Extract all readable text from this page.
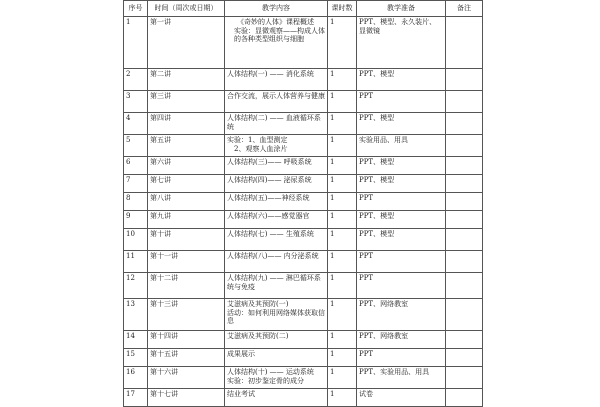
序号	时间（周次或日期）	教学内容	课时数	教学准备	备注
1	第一讲	《奇妙的人体》课程概述
实验：显微观察——构成人体的各种类型组织与细胞	1	PPT、模型、永久装片、显微镜	
2	第二讲	人体结构(一) —— 消化系统	1	PPT、模型	
3	第三讲	合作交流，展示人体营养与健康	1	PPT	
4	第四讲	人体结构(二) —— 血液循环系统	1	PPT、模型	
5	第五讲	实验：1、血型测定
2、观察人血涂片	1	实验用品、用具	
6	第六讲	人体结构(三)—— 呼吸系统	1	PPT、模型	
7	第七讲	人体结构(四)—— 泌尿系统	1	PPT、模型	
8	第八讲	人体结构(五)——神经系统	1	PPT	
9	第九讲	人体结构(六)——感觉器官	1	PPT、模型	
10	第十讲	人体结构(七) —— 生殖系统	1	PPT、模型	
11	第十一讲	人体结构(八)—— 内分泌系统	1	PPT	
12	第十二讲	人体结构(九) —— 淋巴循环系统与免疫	1	PPT	
13	第十三讲	艾滋病及其预防(一)
活动：如何利用网络媒体获取信息	1	PPT、网络教室	
14	第十四讲	艾滋病及其预防(二)	1	PPT、网络教室	
15	第十五讲	成果展示	1	PPT	
16	第十六讲	人体结构(十) —— 运动系统
实验：初步鉴定骨的成分	1	PPT、实验用品、用具	
17	第十七讲	结业考试	1	试卷	
